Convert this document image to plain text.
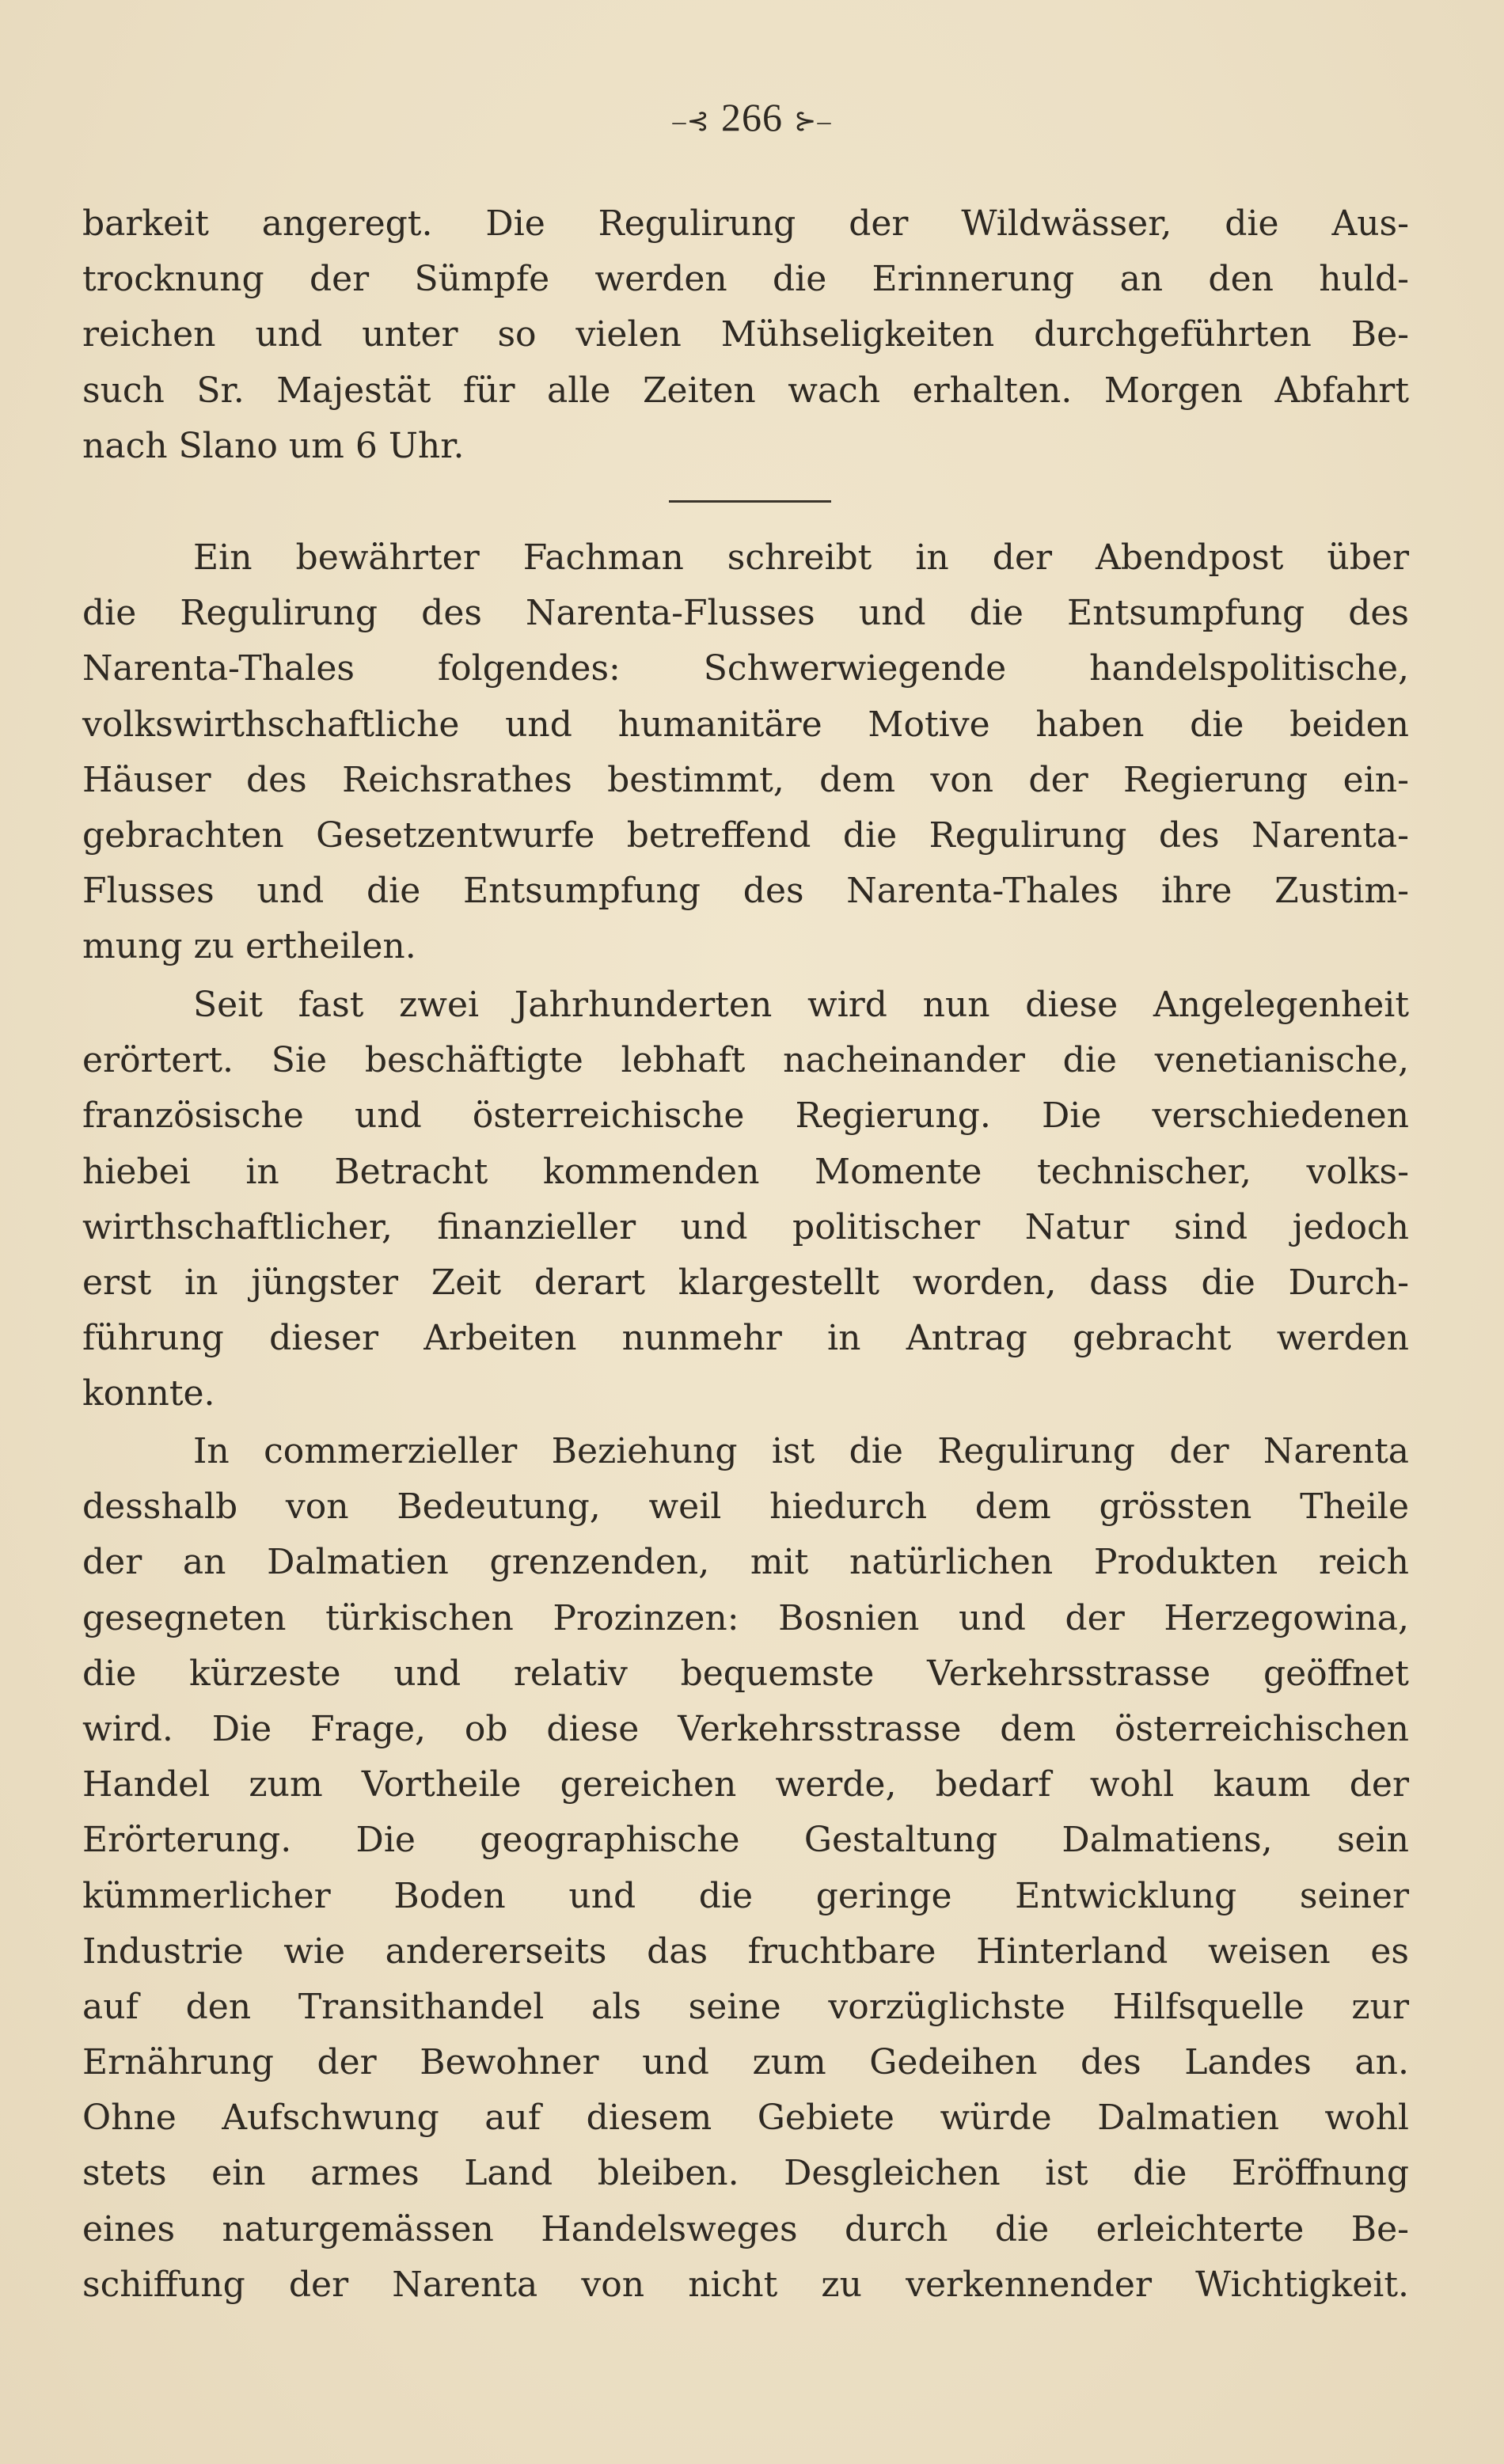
–⊰ 266 ⊱–
barkeit angeregt. Die Regulirung der Wildwässer, die Aus-
trocknung der Sümpfe werden die Erinnerung an den huld-
reichen und unter so vielen Mühseligkeiten durchgeführten Be-
such Sr. Majestät für alle Zeiten wach erhalten. Morgen Abfahrt
nach Slano um 6 Uhr.
Ein bewährter Fachman schreibt in der Abendpost über
die Regulirung des Narenta-Flusses und die Entsumpfung des
Narenta-Thales folgendes: Schwerwiegende handelspolitische,
volkswirthschaftliche und humanitäre Motive haben die beiden
Häuser des Reichsrathes bestimmt, dem von der Regierung ein-
gebrachten Gesetzentwurfe betreffend die Regulirung des Narenta-
Flusses und die Entsumpfung des Narenta-Thales ihre Zustim-
mung zu ertheilen.
Seit fast zwei Jahrhunderten wird nun diese Angelegenheit
erörtert. Sie beschäftigte lebhaft nacheinander die venetianische,
französische und österreichische Regierung. Die verschiedenen
hiebei in Betracht kommenden Momente technischer, volks-
wirthschaftlicher, finanzieller und politischer Natur sind jedoch
erst in jüngster Zeit derart klargestellt worden, dass die Durch-
führung dieser Arbeiten nunmehr in Antrag gebracht werden
konnte.
In commerzieller Beziehung ist die Regulirung der Narenta
desshalb von Bedeutung, weil hiedurch dem grössten Theile
der an Dalmatien grenzenden, mit natürlichen Produkten reich
gesegneten türkischen Prozinzen: Bosnien und der Herzegowina,
die kürzeste und relativ bequemste Verkehrsstrasse geöffnet
wird. Die Frage, ob diese Verkehrsstrasse dem österreichischen
Handel zum Vortheile gereichen werde, bedarf wohl kaum der
Erörterung. Die geographische Gestaltung Dalmatiens, sein
kümmerlicher Boden und die geringe Entwicklung seiner
Industrie wie andererseits das fruchtbare Hinterland weisen es
auf den Transithandel als seine vorzüglichste Hilfsquelle zur
Ernährung der Bewohner und zum Gedeihen des Landes an.
Ohne Aufschwung auf diesem Gebiete würde Dalmatien wohl
stets ein armes Land bleiben. Desgleichen ist die Eröffnung
eines naturgemässen Handelsweges durch die erleichterte Be-
schiffung der Narenta von nicht zu verkennender Wichtigkeit.
